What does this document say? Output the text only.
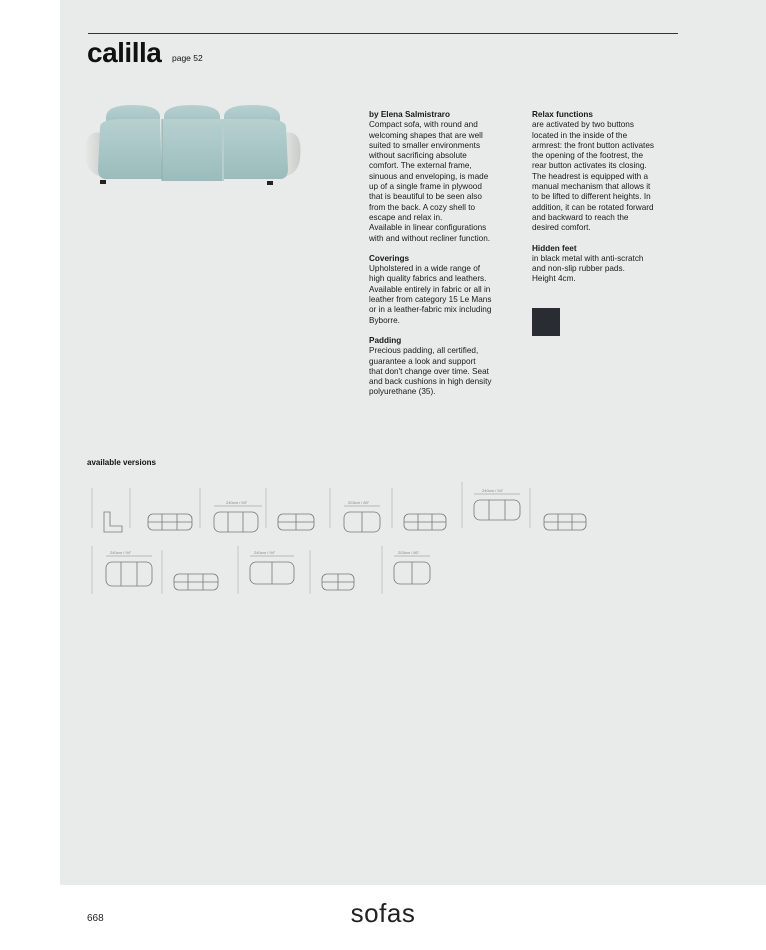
calilla page 52
by Elena Salmistraro

Compact sofa, with round and
welcoming shapes that are well
suited to smaller environments
without sacrificing absolute
comfort. The external frame,
sinuous and enveloping, is made
up of a single frame in plywood
that is beautiful to be seen also
from the back. A cozy shell to
escape and relax in.
Available in linear configurations
with and without recliner function.

Coverings

Upholstered in a wide range of
high quality fabrics and leathers.
Available entirely in fabric or all in
leather from category 15 Le Mans
or in a leather-fabric mix including
Byborre.

Padding

Precious padding, all certified,
guarantee a look and support
that don't change over time. Seat
and back cushions in high density
polyurethane (35).

Relax functions

are activated by two buttons
located in the inside of the
armrest: the front button activates
the opening of the footrest, the
rear button activates its closing.
The headrest is equipped with a
manual mechanism that allows it
to be lifted to different heights. In
addition, it can be rotated forward
and backward to reach the
desired comfort.

Hidden feet

in black metal with anti-scratch
and non-slip rubber pads.
Height 4cm.

available versions
240cm / 94"	203cm / 80"
240cm / 94"
240cm / 94"	240cm / 94"	203cm / 80"
sofas
668
